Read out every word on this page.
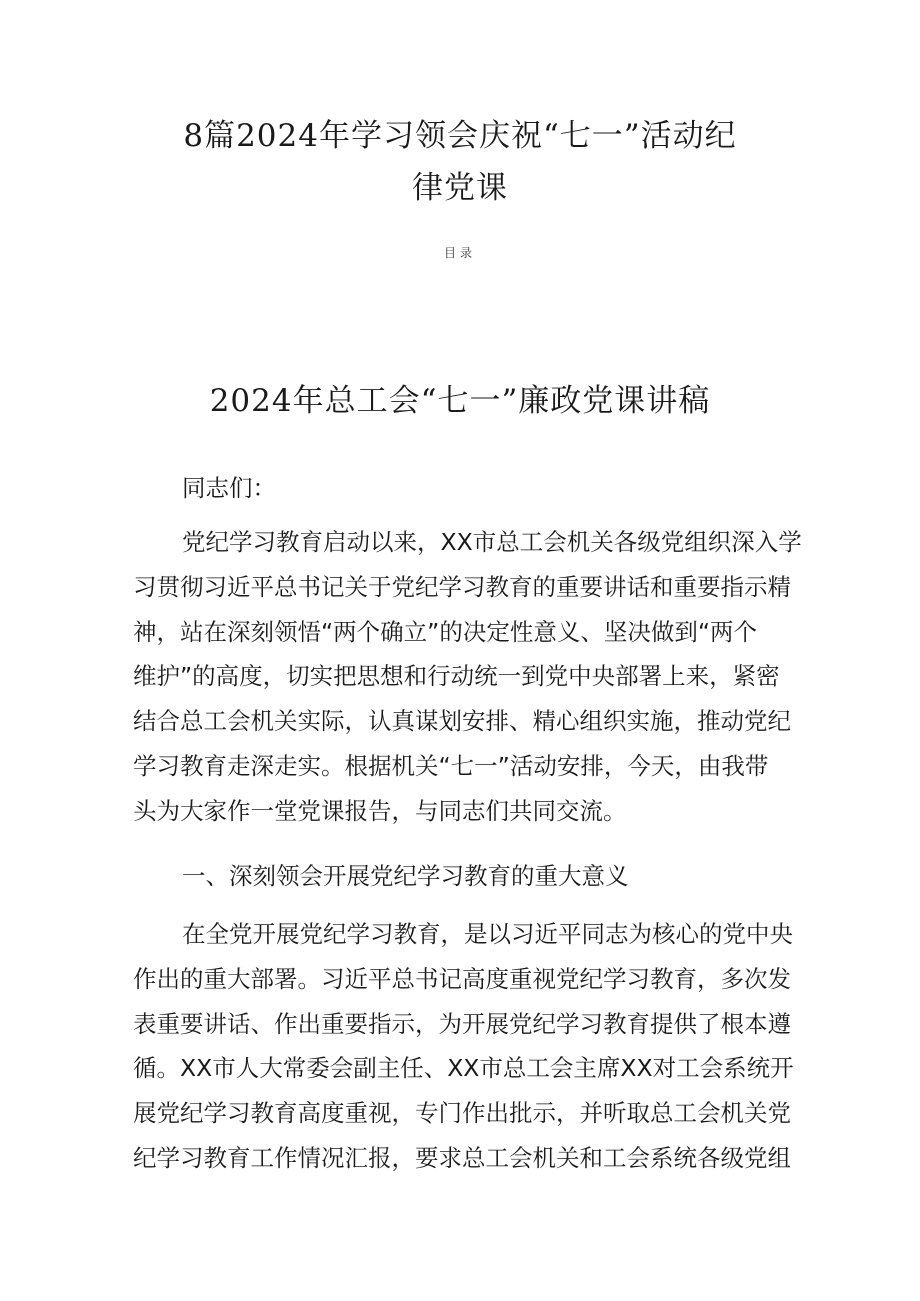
8篇2024年学习领会庆祝“七一”活动纪
律党课
目录
2024年总工会“七一”廉政党课讲稿

同志们：

党纪学习教育启动以来，XX市总工会机关各级党组织深入学
习贯彻习近平总书记关于党纪学习教育的重要讲话和重要指示精
神，站在深刻领悟“两个确立”的决定性意义、坚决做到“两个
维护”的高度，切实把思想和行动统一到党中央部署上来，紧密
结合总工会机关实际，认真谋划安排、精心组织实施，推动党纪
学习教育走深走实。根据机关“七一”活动安排，今天，由我带
头为大家作一堂党课报告，与同志们共同交流。

一、深刻领会开展党纪学习教育的重大意义

在全党开展党纪学习教育，是以习近平同志为核心的党中央
作出的重大部署。习近平总书记高度重视党纪学习教育，多次发
表重要讲话、作出重要指示，为开展党纪学习教育提供了根本遵
循。XX市人大常委会副主任、XX市总工会主席XX对工会系统开
展党纪学习教育高度重视，专门作出批示，并听取总工会机关党
纪学习教育工作情况汇报，要求总工会机关和工会系统各级党组
